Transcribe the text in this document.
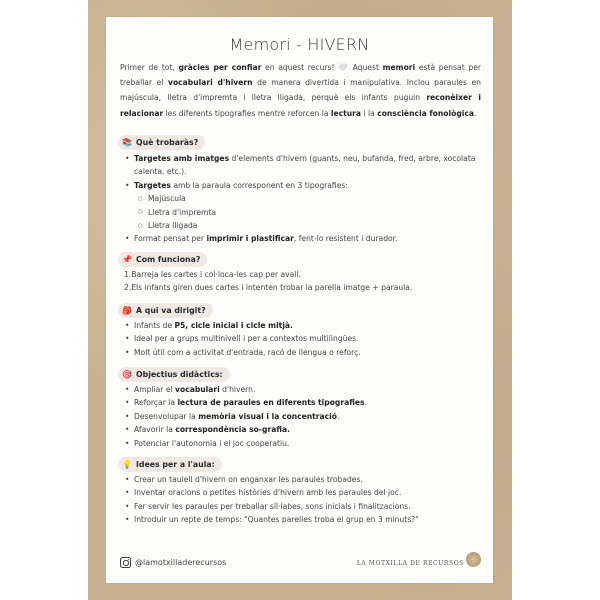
Memori - HIVERN
Primer de tot, gràcies per confiar en aquest recurs! 🤍 Aquest memori està pensat per treballar el vocabulari d'hivern de manera divertida i manipulativa. Inclou paraules en majúscula, lletra d'impremta i lletra lligada, perquè els infants puguin reconèixer i relacionar les diferents tipografies mentre reforcen la lectura i la consciència fonològica.
📚 Què trobaràs?
• Targetes amb imatges d'elements d'hivern (guants, neu, bufanda, fred, arbre, xocolata calenta, etc.).
• Targetes amb la paraula corresponent en 3 tipografies:
○ Majúscula
○ Lletra d'impremta
○ Lletra lligada
• Format pensat per imprimir i plastificar, fent-lo resistent i durador.
📌 Com funciona?
1.Barreja les cartes i col·loca-les cap per avall.
2.Els infants giren dues cartes i intenten trobar la parella imatge + paraula.
🎒 A qui va dirigit?
• Infants de P5, cicle inicial i cicle mitjà.
• Ideal per a grups multinivell i per a contextos multilingües.
• Molt útil com a activitat d'entrada, racó de llengua o reforç.
🎯 Objectius didàctics:
• Ampliar el vocabulari d'hivern.
• Reforçar la lectura de paraules en diferents tipografies.
• Desenvolupar la memòria visual i la concentració.
• Afavorir la correspondència so-grafia.
• Potenciar l'autonomia i el joc cooperatiu.
💡 Idees per a l'aula:
• Crear un taulell d'hivern on enganxar les paraules trobades.
• Inventar oracions o petites històries d'hivern amb les paraules del joc.
• Fer servir les paraules per treballar síl·labes, sons inicials i finalitzacions.
• Introduir un repte de temps: "Quantes parelles troba el grup en 3 minuts?"
@lamotxilladerecursos	LA MOTXILLA DE RECURSOS
